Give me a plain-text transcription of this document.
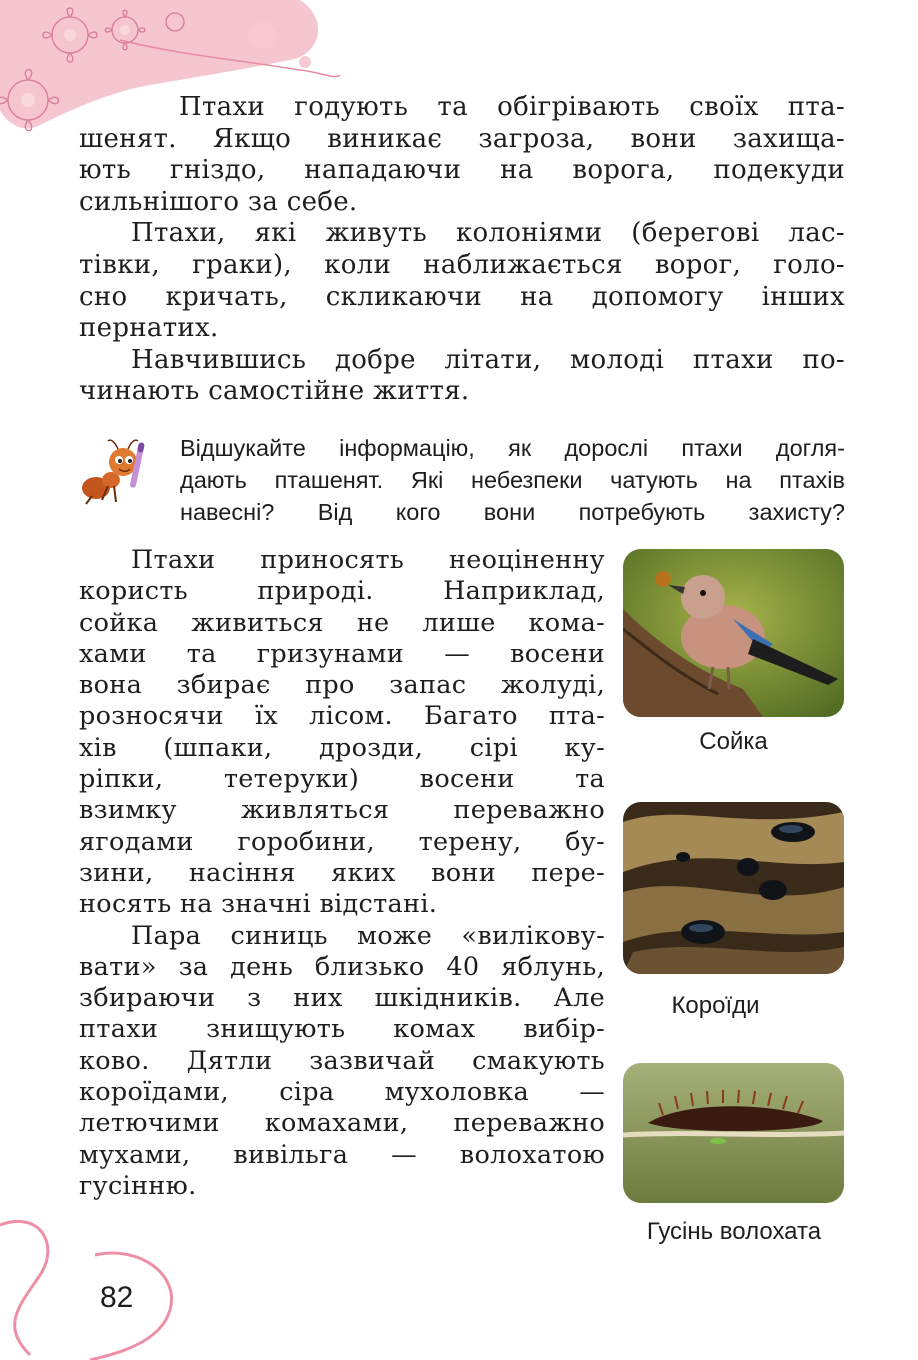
Птахи годують та обігрівають своїх пта-

шенят. Якщо виникає загроза, вони захища-

ють гніздо, нападаючи на ворога, подекуди

сильнішого за себе.

Птахи, які живуть колоніями (берегові лас-

тівки, граки), коли наближається ворог, голо-

сно кричать, скликаючи на допомогу інших

пернатих.

Навчившись добре літати, молоді птахи по-

чинають самостійне життя.

Відшукайте інформацію, як дорослі птахи догля-
дають пташенят. Які небезпеки чатують на птахів
навесні? Від кого вони потребують захисту?

Птахи приносять неоціненну

користь природі. Наприклад,

сойка живиться не лише кома-

хами та гризунами — восени

вона збирає про запас жолуді,

розносячи їх лісом. Багато пта-

хів (шпаки, дрозди, сірі ку-

ріпки, тетеруки) восени та

взимку живляться переважно

ягодами горобини, терену, бу-

зини, насіння яких вони пере-

носять на значні відстані.

Пара синиць може «вилікову-

вати» за день близько 40 яблунь,

збираючи з них шкідників. Але

птахи знищують комах вибір-

ково. Дятли зазвичай смакують

короїдами, сіра мухоловка —

летючими комахами, переважно

мухами, вивільга — волохатою

гусінню.

Сойка

Короїди

Гусінь волохата

82
